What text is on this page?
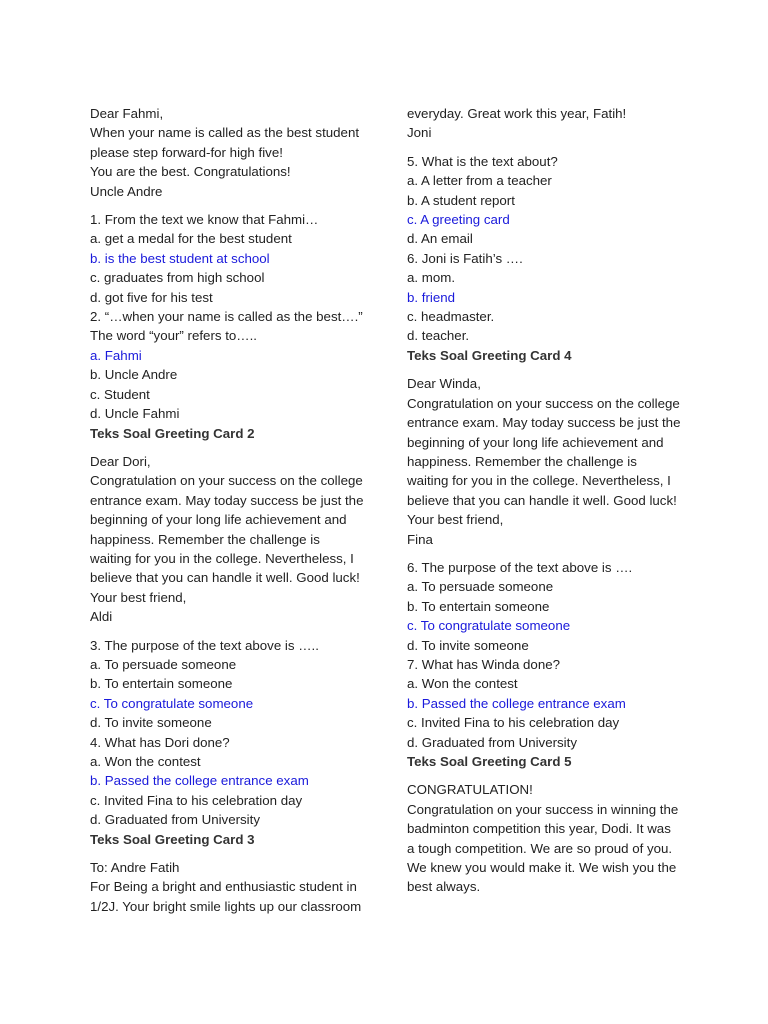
Dear Fahmi,
When your name is called as the best student
please step forward-for high five!
You are the best. Congratulations!
Uncle Andre
1. From the text we know that Fahmi…
a. get a medal for the best student
b. is the best student at school
c. graduates from high school
d. got five for his test
2. “…when your name is called as the best….”
The word “your” refers to…..
a. Fahmi
b. Uncle Andre
c. Student
d. Uncle Fahmi
Teks Soal Greeting Card 2
Dear Dori,
Congratulation on your success on the college
entrance exam. May today success be just the
beginning of your long life achievement and
happiness. Remember the challenge is
waiting for you in the college. Nevertheless, I
believe that you can handle it well. Good luck!
Your best friend,
Aldi
3. The purpose of the text above is …..
a. To persuade someone
b. To entertain someone
c. To congratulate someone
d. To invite someone
4. What has Dori done?
a. Won the contest
b. Passed the college entrance exam
c. Invited Fina to his celebration day
d. Graduated from University
Teks Soal Greeting Card 3
To: Andre Fatih
For Being a bright and enthusiastic student in
1/2J. Your bright smile lights up our classroom
everyday. Great work this year, Fatih!
Joni
5. What is the text about?
a. A letter from a teacher
b. A student report
c. A greeting card
d. An email
6. Joni is Fatih’s ….
a. mom.
b. friend
c. headmaster.
d. teacher.
Teks Soal Greeting Card 4
Dear Winda,
Congratulation on your success on the college
entrance exam. May today success be just the
beginning of your long life achievement and
happiness. Remember the challenge is
waiting for you in the college. Nevertheless, I
believe that you can handle it well. Good luck!
Your best friend,
Fina
6. The purpose of the text above is ….
a. To persuade someone
b. To entertain someone
c. To congratulate someone
d. To invite someone
7. What has Winda done?
a. Won the contest
b. Passed the college entrance exam
c. Invited Fina to his celebration day
d. Graduated from University
Teks Soal Greeting Card 5
CONGRATULATION!
Congratulation on your success in winning the
badminton competition this year, Dodi. It was
a tough competition. We are so proud of you.
We knew you would make it. We wish you the
best always.
